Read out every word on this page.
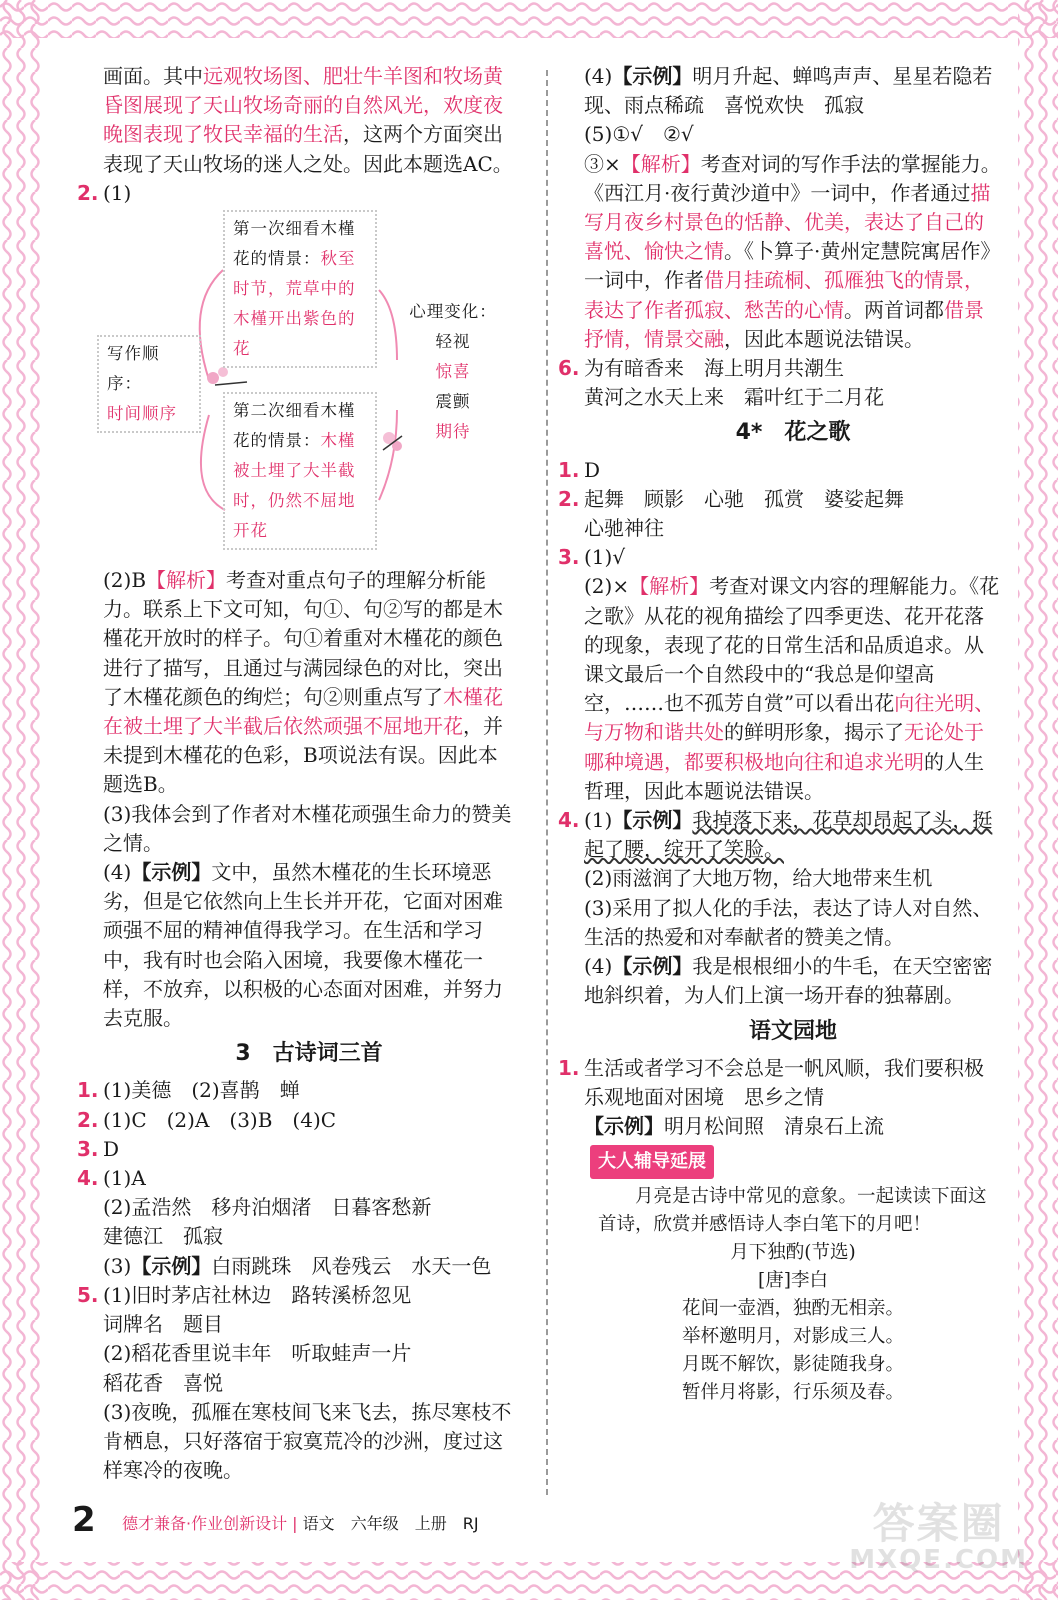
画面。其中远观牧场图、肥壮牛羊图和牧场黄昏图展现了天山牧场奇丽的自然风光，欢度夜晚图表现了牧民幸福的生活，这两个方面突出表现了天山牧场的迷人之处。因此本题选AC。

2. (1)

写作顺序：
时间顺序
第一次细看木槿花的情景：秋至时节，荒草中的木槿开出紫色的花
第二次细看木槿花的情景：木槿被土埋了大半截时，仍然不屈地开花
心理变化：
轻视
惊喜
震颤
期待

(2)B【解析】考查对重点句子的理解分析能力。联系上下文可知，句①、句②写的都是木槿花开放时的样子。句①着重对木槿花的颜色进行了描写，且通过与满园绿色的对比，突出了木槿花颜色的绚烂；句②则重点写了木槿花在被土埋了大半截后依然顽强不屈地开花，并未提到木槿花的色彩，B项说法有误。因此本题选B。

(3)我体会到了作者对木槿花顽强生命力的赞美之情。

(4)【示例】文中，虽然木槿花的生长环境恶劣，但是它依然向上生长并开花，它面对困难顽强不屈的精神值得我学习。在生活和学习中，我有时也会陷入困境，我要像木槿花一样，不放弃，以积极的心态面对困难，并努力去克服。

3　古诗词三首

1. (1)美德　(2)喜鹊　蝉

2. (1)C　(2)A　(3)B　(4)C

3. D

4. (1)A

(2)孟浩然　移舟泊烟渚　日暮客愁新

建德江　孤寂

(3)【示例】白雨跳珠　风卷残云　水天一色

5. (1)旧时茅店社林边　路转溪桥忽见

词牌名　题目

(2)稻花香里说丰年　听取蛙声一片

稻花香　喜悦

(3)夜晚，孤雁在寒枝间飞来飞去，拣尽寒枝不肯栖息，只好落宿于寂寞荒冷的沙洲，度过这样寒冷的夜晚。

(4)【示例】明月升起、蝉鸣声声、星星若隐若现、雨点稀疏　喜悦欢快　孤寂

(5)①√　②√

③×【解析】考查对词的写作手法的掌握能力。《西江月·夜行黄沙道中》一词中，作者通过描写月夜乡村景色的恬静、优美，表达了自己的喜悦、愉快之情。《卜算子·黄州定慧院寓居作》一词中，作者借月挂疏桐、孤雁独飞的情景，表达了作者孤寂、愁苦的心情。两首词都借景抒情，情景交融，因此本题说法错误。

6. 为有暗香来　海上明月共潮生

黄河之水天上来　霜叶红于二月花

4*　花之歌

1. D

2. 起舞　顾影　心驰　孤赏　婆娑起舞

心驰神往

3. (1)√

(2)×【解析】考查对课文内容的理解能力。《花之歌》从花的视角描绘了四季更迭、花开花落的现象，表现了花的日常生活和品质追求。从课文最后一个自然段中的“我总是仰望高空，……也不孤芳自赏”可以看出花向往光明、与万物和谐共处的鲜明形象，揭示了无论处于哪种境遇，都要积极地向往和追求光明的人生哲理，因此本题说法错误。

4. (1)【示例】我掉落下来，花草却昂起了头，挺起了腰，绽开了笑脸。

(2)雨滋润了大地万物，给大地带来生机

(3)采用了拟人化的手法，表达了诗人对自然、生活的热爱和对奉献者的赞美之情。

(4)【示例】我是根根细小的牛毛，在天空密密地斜织着，为人们上演一场开春的独幕剧。

语文园地

1. 生活或者学习不会总是一帆风顺，我们要积极乐观地面对困境　思乡之情

【示例】明月松间照　清泉石上流

大人辅导延展

月亮是古诗中常见的意象。一起读读下面这首诗，欣赏并感悟诗人李白笔下的月吧！

月下独酌(节选)
[唐]李白
花间一壶酒，独酌无相亲。
举杯邀明月，对影成三人。
月既不解饮，影徒随我身。
暂伴月将影，行乐须及春。
2 德才兼备·作业创新设计 | 语文　 六年级　 上册　 RJ	答案圈
MXQE.COM
